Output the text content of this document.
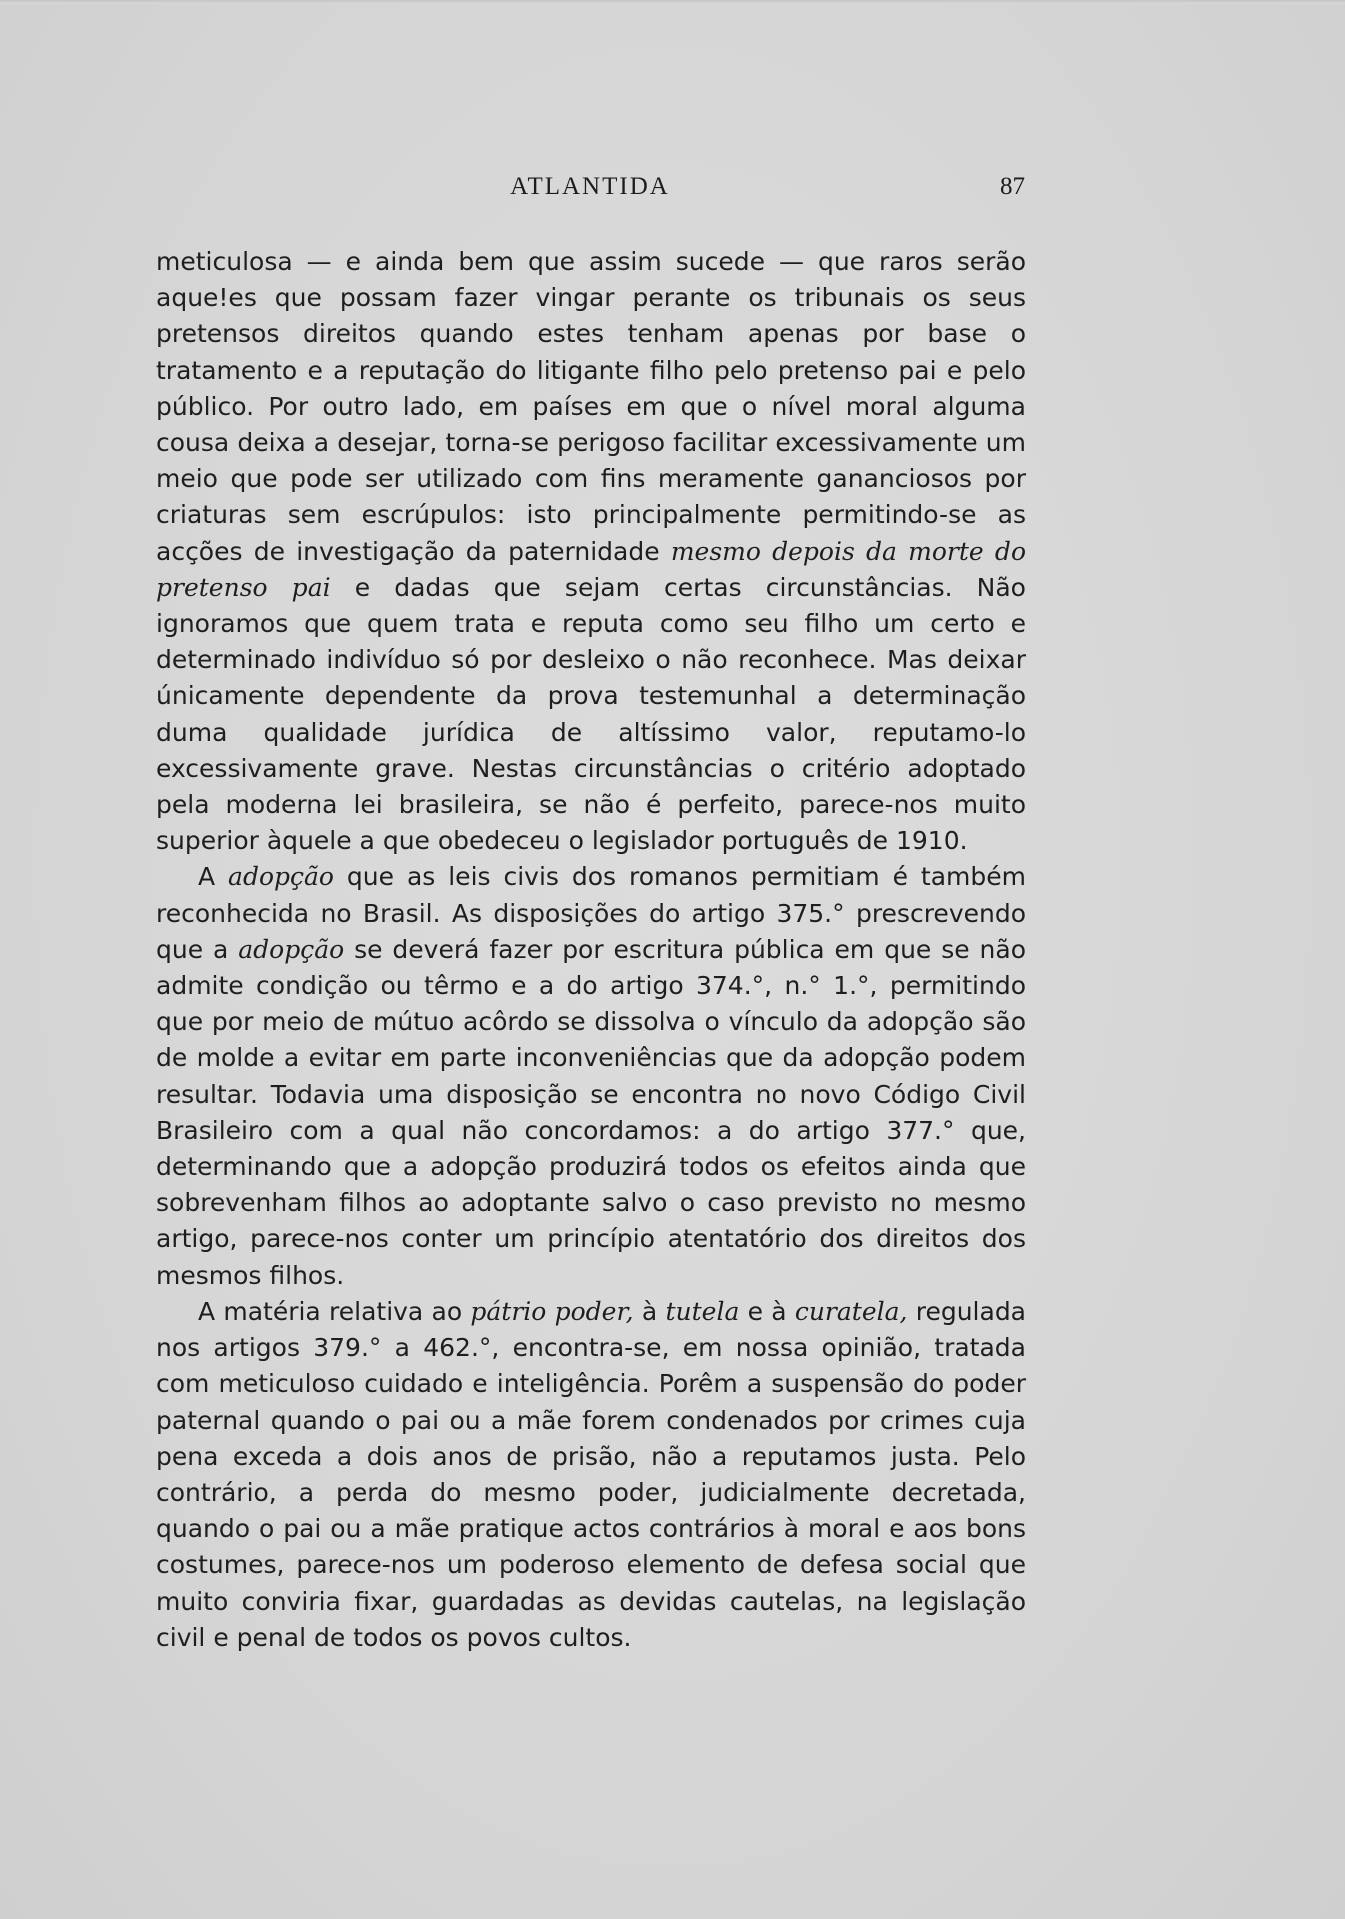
ATLANTIDA	87

meticulosa — e ainda bem que assim sucede — que raros serão aque!es que possam fazer vingar perante os tribunais os seus pretensos direitos quando estes tenham apenas por base o tratamento e a reputação do litigante filho pelo pretenso pai e pelo público. Por outro lado, em países em que o nível moral alguma cousa deixa a desejar, torna-se perigoso facilitar excessivamente um meio que pode ser utilizado com fins meramente gananciosos por criaturas sem escrúpulos: isto principalmente permitindo-se as acções de investigação da paternidade mesmo depois da morte do pretenso pai e dadas que sejam certas circunstâncias. Não ignoramos que quem trata e reputa como seu filho um certo e determinado indivíduo só por desleixo o não reconhece. Mas deixar únicamente dependente da prova testemunhal a determinação duma qualidade jurídica de altíssimo valor, reputamo-lo excessivamente grave. Nestas circunstâncias o critério adoptado pela moderna lei brasileira, se não é perfeito, parece-nos muito superior àquele a que obedeceu o legislador português de 1910.

A adopção que as leis civis dos romanos permitiam é também reconhecida no Brasil. As disposições do artigo 375.° prescrevendo que a adopção se deverá fazer por escritura pública em que se não admite condição ou têrmo e a do artigo 374.°, n.° 1.°, permitindo que por meio de mútuo acôrdo se dissolva o vínculo da adopção são de molde a evitar em parte inconveniências que da adopção podem resultar. Todavia uma disposição se encontra no novo Código Civil Brasileiro com a qual não concordamos: a do artigo 377.° que, determinando que a adopção produzirá todos os efeitos ainda que sobrevenham filhos ao adoptante salvo o caso previsto no mesmo artigo, parece-nos conter um princípio atentatório dos direitos dos mesmos filhos.

A matéria relativa ao pátrio poder, à tutela e à curatela, regulada nos artigos 379.° a 462.°, encontra-se, em nossa opinião, tratada com meticuloso cuidado e inteligência. Porêm a suspensão do poder paternal quando o pai ou a mãe forem condenados por crimes cuja pena exceda a dois anos de prisão, não a reputamos justa. Pelo contrário, a perda do mesmo poder, judicialmente decretada, quando o pai ou a mãe pratique actos contrários à moral e aos bons costumes, parece-nos um poderoso elemento de defesa social que muito conviria fixar, guardadas as devidas cautelas, na legislação civil e penal de todos os povos cultos.
